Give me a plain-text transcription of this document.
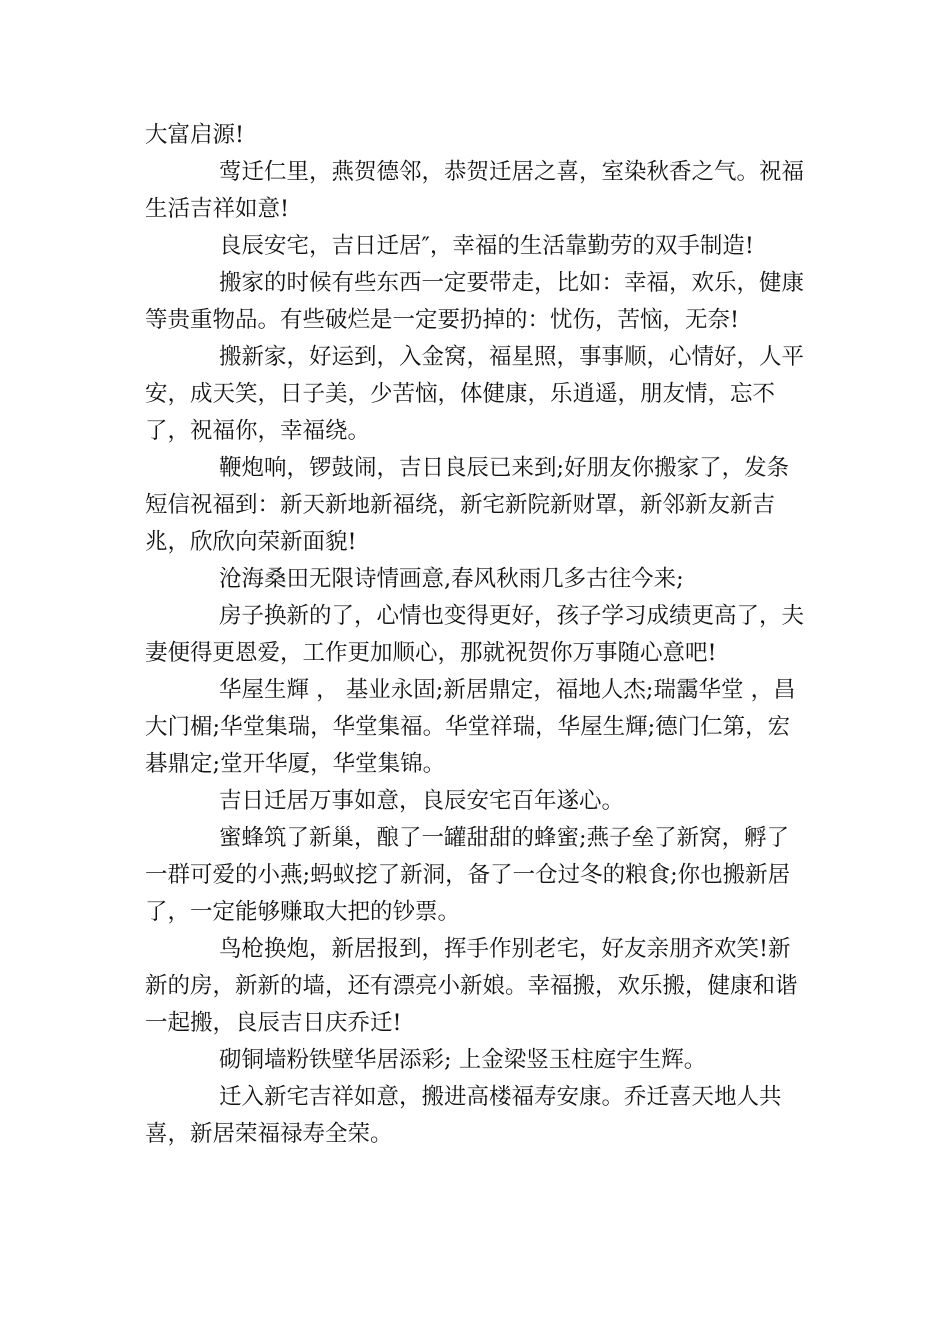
大富启源!

莺迁仁里，燕贺德邻，恭贺迁居之喜，室染秋香之气。祝福生活吉祥如意!

良辰安宅，吉日迁居″，幸福的生活靠勤劳的双手制造!

搬家的时候有些东西一定要带走，比如：幸福，欢乐，健康等贵重物品。有些破烂是一定要扔掉的：忧伤，苦恼，无奈!

搬新家，好运到，入金窝，福星照，事事顺，心情好，人平安，成天笑，日子美，少苦恼，体健康，乐逍遥，朋友情，忘不了，祝福你，幸福绕。

鞭炮响，锣鼓闹，吉日良辰已来到;好朋友你搬家了，发条短信祝福到：新天新地新福绕，新宅新院新财罩，新邻新友新吉兆，欣欣向荣新面貌!

沧海桑田无限诗情画意,春风秋雨几多古往今来;

房子换新的了，心情也变得更好，孩子学习成绩更高了，夫妻便得更恩爱，工作更加顺心，那就祝贺你万事随心意吧!

华屋生輝 ， 基业永固;新居鼎定，福地人杰;瑞靄华堂 ，昌大门楣;华堂集瑞，华堂集福。华堂祥瑞，华屋生輝;德门仁第，宏碁鼎定;堂开华厦，华堂集锦。

吉日迁居万事如意，良辰安宅百年遂心。

蜜蜂筑了新巢，酿了一罐甜甜的蜂蜜;燕子垒了新窝，孵了一群可爱的小燕;蚂蚁挖了新洞，备了一仓过冬的粮食;你也搬新居了，一定能够赚取大把的钞票。

鸟枪换炮，新居报到，挥手作别老宅，好友亲朋齐欢笑!新新的房，新新的墙，还有漂亮小新娘。幸福搬，欢乐搬，健康和谐一起搬，良辰吉日庆乔迁!

砌铜墙粉铁壁华居添彩; 上金梁竖玉柱庭宇生辉。

迁入新宅吉祥如意，搬进高楼福寿安康。乔迁喜天地人共喜，新居荣福禄寿全荣。
